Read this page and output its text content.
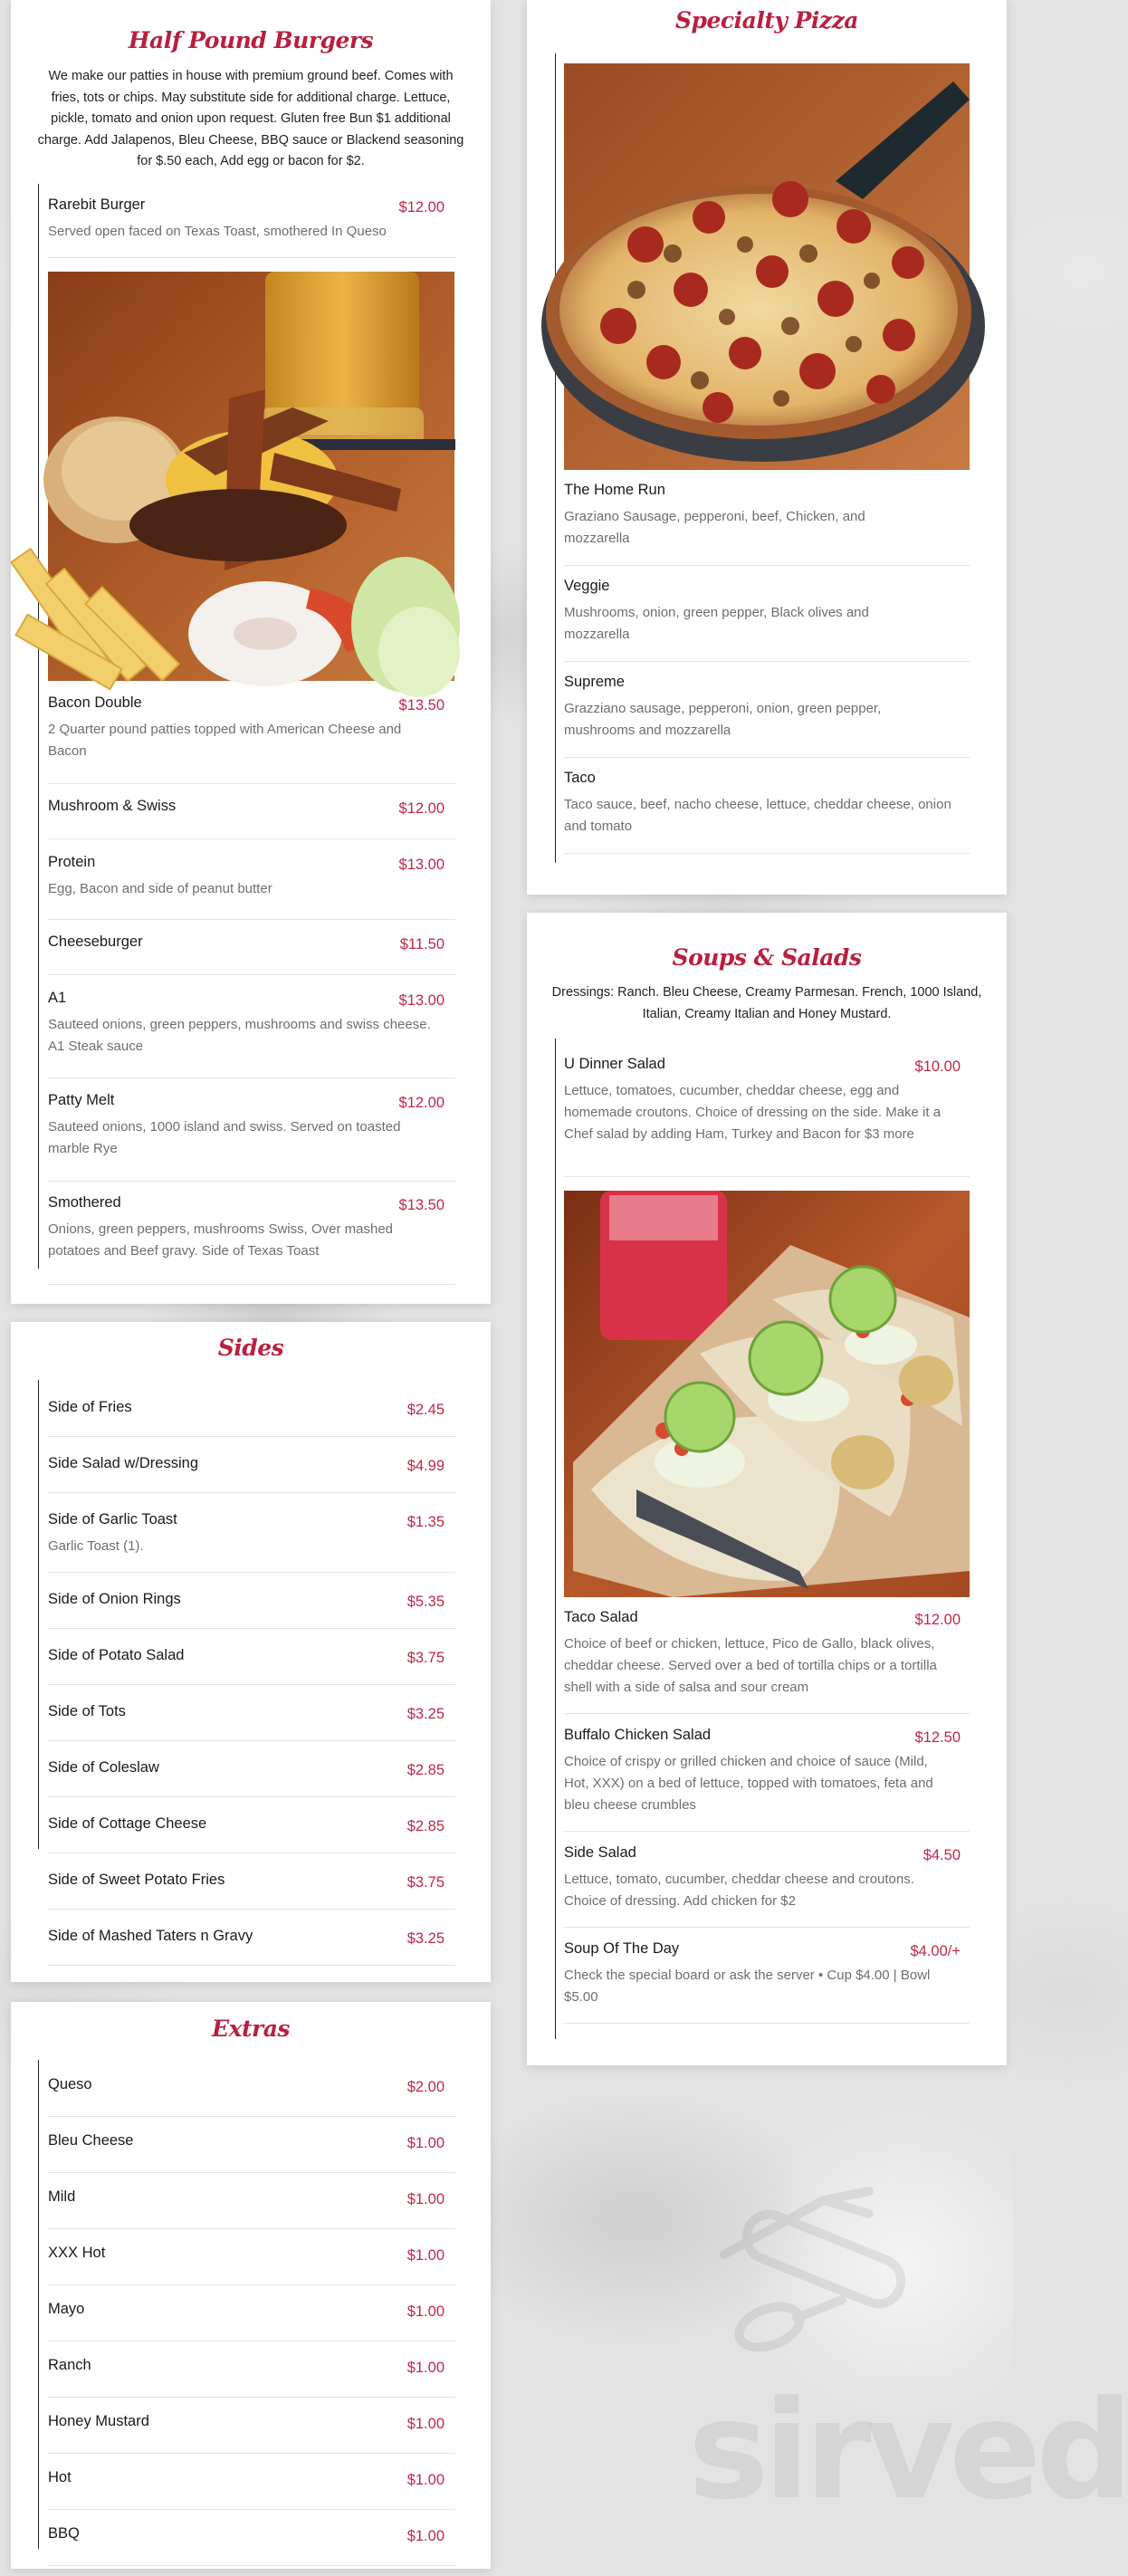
sirved
Half Pound Burgers

We make our patties in house with premium ground beef. Comes with fries, tots or chips. May substitute side for additional charge. Lettuce, pickle, tomato and onion upon request. Gluten free Bun $1 additional charge. Add Jalapenos, Bleu Cheese, BBQ sauce or Blackend seasoning for $.50 each, Add egg or bacon for $2.

Rarebit Burger	$12.00
Served open faced on Texas Toast, smothered In Queso
Bacon Double	$13.50
2 Quarter pound patties topped with American Cheese and Bacon
Mushroom & Swiss	$12.00
Protein	$13.00
Egg, Bacon and side of peanut butter
Cheeseburger	$11.50
A1	$13.00
Sauteed onions, green peppers, mushrooms and swiss cheese. A1 Steak sauce
Patty Melt	$12.00
Sauteed onions, 1000 island and swiss. Served on toasted marble Rye
Smothered	$13.50
Onions, green peppers, mushrooms Swiss, Over mashed potatoes and Beef gravy. Side of Texas Toast
Sides
Side of Fries	$2.45
Side Salad w/Dressing	$4.99
Side of Garlic Toast	$1.35
Garlic Toast (1).
Side of Onion Rings	$5.35
Side of Potato Salad	$3.75
Side of Tots	$3.25
Side of Coleslaw	$2.85
Side of Cottage Cheese	$2.85
Side of Sweet Potato Fries	$3.75
Side of Mashed Taters n Gravy	$3.25
Extras
Queso	$2.00
Bleu Cheese	$1.00
Mild	$1.00
XXX Hot	$1.00
Mayo	$1.00
Ranch	$1.00
Honey Mustard	$1.00
Hot	$1.00
BBQ	$1.00
Specialty Pizza
The Home Run
Graziano Sausage, pepperoni, beef, Chicken, and mozzarella
Veggie
Mushrooms, onion, green pepper, Black olives and mozzarella
Supreme
Grazziano sausage, pepperoni, onion, green pepper, mushrooms and mozzarella
Taco
Taco sauce, beef, nacho cheese, lettuce, cheddar cheese, onion and tomato
Soups & Salads

Dressings: Ranch. Bleu Cheese, Creamy Parmesan. French, 1000 Island, Italian, Creamy Italian and Honey Mustard.

U Dinner Salad	$10.00
Lettuce, tomatoes, cucumber, cheddar cheese, egg and homemade croutons. Choice of dressing on the side. Make it a Chef salad by adding Ham, Turkey and Bacon for $3 more
Taco Salad	$12.00
Choice of beef or chicken, lettuce, Pico de Gallo, black olives, cheddar cheese. Served over a bed of tortilla chips or a tortilla shell with a side of salsa and sour cream
Buffalo Chicken Salad	$12.50
Choice of crispy or grilled chicken and choice of sauce (Mild, Hot, XXX) on a bed of lettuce, topped with tomatoes, feta and bleu cheese crumbles
Side Salad	$4.50
Lettuce, tomato, cucumber, cheddar cheese and croutons. Choice of dressing. Add chicken for $2
Soup Of The Day	$4.00/+
Check the special board or ask the server • Cup $4.00 | Bowl $5.00
